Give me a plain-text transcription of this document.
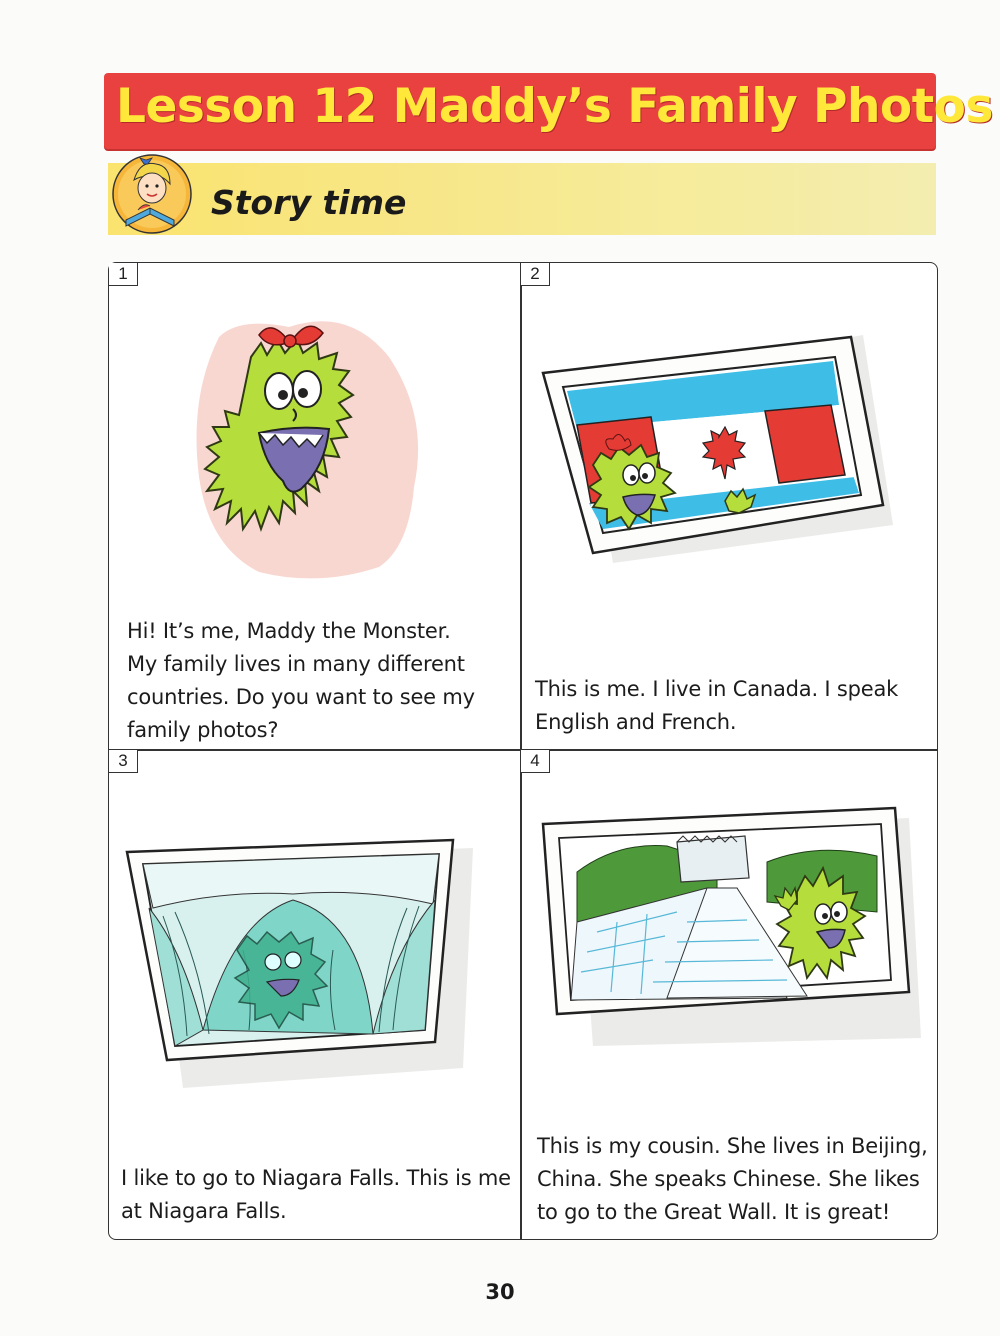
Lesson 12 Maddy’s Family Photos
Story time
1
Hi! It’s me, Maddy the Monster.
My family lives in many different
countries. Do you want to see my
family photos?
2
This is me. I live in Canada. I speak
English and French.
3
I like to go to Niagara Falls. This is me
at Niagara Falls.
4
This is my cousin. She lives in Beijing,
China. She speaks Chinese. She likes
to go to the Great Wall. It is great!
30
